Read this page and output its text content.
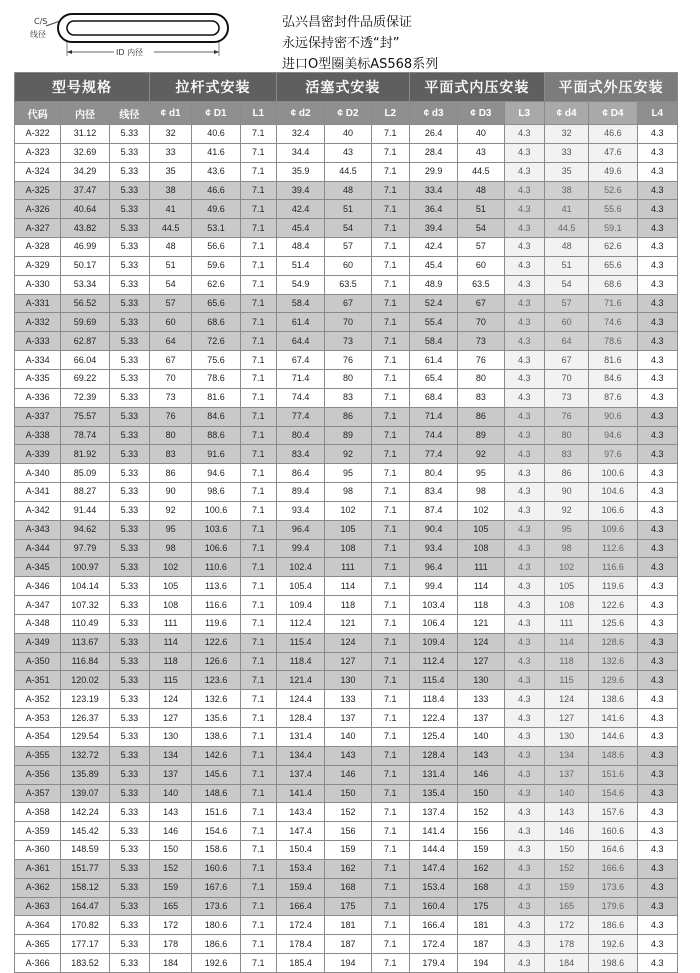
C/S
线径
ID 内径
弘兴昌密封件品质保证
永远保持密不透“封”
进口O型圈美标AS568系列
型号规格			拉杆式安装			活塞式安装			平面式内压安装			平面式外压安装		
代码	内径	线径	¢ d1	¢ D1	L1	¢ d2	¢ D2	L2	¢ d3	¢ D3	L3	¢ d4	¢ D4	L4
A-322	31.12	5.33	32	40.6	7.1	32.4	40	7.1	26.4	40	4.3	32	46.6	4.3
A-323	32.69	5.33	33	41.6	7.1	34.4	43	7.1	28.4	43	4.3	33	47.6	4.3
A-324	34.29	5.33	35	43.6	7.1	35.9	44.5	7.1	29.9	44.5	4.3	35	49.6	4.3
A-325	37.47	5.33	38	46.6	7.1	39.4	48	7.1	33.4	48	4.3	38	52.6	4.3
A-326	40.64	5.33	41	49.6	7.1	42.4	51	7.1	36.4	51	4.3	41	55.6	4.3
A-327	43.82	5.33	44.5	53.1	7.1	45.4	54	7.1	39.4	54	4.3	44.5	59.1	4.3
A-328	46.99	5.33	48	56.6	7.1	48.4	57	7.1	42.4	57	4.3	48	62.6	4.3
A-329	50.17	5.33	51	59.6	7.1	51.4	60	7.1	45.4	60	4.3	51	65.6	4.3
A-330	53.34	5.33	54	62.6	7.1	54.9	63.5	7.1	48.9	63.5	4.3	54	68.6	4.3
A-331	56.52	5.33	57	65.6	7.1	58.4	67	7.1	52.4	67	4.3	57	71.6	4.3
A-332	59.69	5.33	60	68.6	7.1	61.4	70	7.1	55.4	70	4.3	60	74.6	4.3
A-333	62.87	5.33	64	72.6	7.1	64.4	73	7.1	58.4	73	4.3	64	78.6	4.3
A-334	66.04	5.33	67	75.6	7.1	67.4	76	7.1	61.4	76	4.3	67	81.6	4.3
A-335	69.22	5.33	70	78.6	7.1	71.4	80	7.1	65.4	80	4.3	70	84.6	4.3
A-336	72.39	5.33	73	81.6	7.1	74.4	83	7.1	68.4	83	4.3	73	87.6	4.3
A-337	75.57	5.33	76	84.6	7.1	77.4	86	7.1	71.4	86	4.3	76	90.6	4.3
A-338	78.74	5.33	80	88.6	7.1	80.4	89	7.1	74.4	89	4.3	80	94.6	4.3
A-339	81.92	5.33	83	91.6	7.1	83.4	92	7.1	77.4	92	4.3	83	97.6	4.3
A-340	85.09	5.33	86	94.6	7.1	86.4	95	7.1	80.4	95	4.3	86	100.6	4.3
A-341	88.27	5.33	90	98.6	7.1	89.4	98	7.1	83.4	98	4.3	90	104.6	4.3
A-342	91.44	5.33	92	100.6	7.1	93.4	102	7.1	87.4	102	4.3	92	106.6	4.3
A-343	94.62	5.33	95	103.6	7.1	96.4	105	7.1	90.4	105	4.3	95	109.6	4.3
A-344	97.79	5.33	98	106.6	7.1	99.4	108	7.1	93.4	108	4.3	98	112.6	4.3
A-345	100.97	5.33	102	110.6	7.1	102.4	111	7.1	96.4	111	4.3	102	116.6	4.3
A-346	104.14	5.33	105	113.6	7.1	105.4	114	7.1	99.4	114	4.3	105	119.6	4.3
A-347	107.32	5.33	108	116.6	7.1	109.4	118	7.1	103.4	118	4.3	108	122.6	4.3
A-348	110.49	5.33	111	119.6	7.1	112.4	121	7.1	106.4	121	4.3	111	125.6	4.3
A-349	113.67	5.33	114	122.6	7.1	115.4	124	7.1	109.4	124	4.3	114	128.6	4.3
A-350	116.84	5.33	118	126.6	7.1	118.4	127	7.1	112.4	127	4.3	118	132.6	4.3
A-351	120.02	5.33	115	123.6	7.1	121.4	130	7.1	115.4	130	4.3	115	129.6	4.3
A-352	123.19	5.33	124	132.6	7.1	124.4	133	7.1	118.4	133	4.3	124	138.6	4.3
A-353	126.37	5.33	127	135.6	7.1	128.4	137	7.1	122.4	137	4.3	127	141.6	4.3
A-354	129.54	5.33	130	138.6	7.1	131.4	140	7.1	125.4	140	4.3	130	144.6	4.3
A-355	132.72	5.33	134	142.6	7.1	134.4	143	7.1	128.4	143	4.3	134	148.6	4.3
A-356	135.89	5.33	137	145.6	7.1	137.4	146	7.1	131.4	146	4.3	137	151.6	4.3
A-357	139.07	5.33	140	148.6	7.1	141.4	150	7.1	135.4	150	4.3	140	154.6	4.3
A-358	142.24	5.33	143	151.6	7.1	143.4	152	7.1	137.4	152	4.3	143	157.6	4.3
A-359	145.42	5.33	146	154.6	7.1	147.4	156	7.1	141.4	156	4.3	146	160.6	4.3
A-360	148.59	5.33	150	158.6	7.1	150.4	159	7.1	144.4	159	4.3	150	164.6	4.3
A-361	151.77	5.33	152	160.6	7.1	153.4	162	7.1	147.4	162	4.3	152	166.6	4.3
A-362	158.12	5.33	159	167.6	7.1	159.4	168	7.1	153.4	168	4.3	159	173.6	4.3
A-363	164.47	5.33	165	173.6	7.1	166.4	175	7.1	160.4	175	4.3	165	179.6	4.3
A-364	170.82	5.33	172	180.6	7.1	172.4	181	7.1	166.4	181	4.3	172	186.6	4.3
A-365	177.17	5.33	178	186.6	7.1	178.4	187	7.1	172.4	187	4.3	178	192.6	4.3
A-366	183.52	5.33	184	192.6	7.1	185.4	194	7.1	179.4	194	4.3	184	198.6	4.3
